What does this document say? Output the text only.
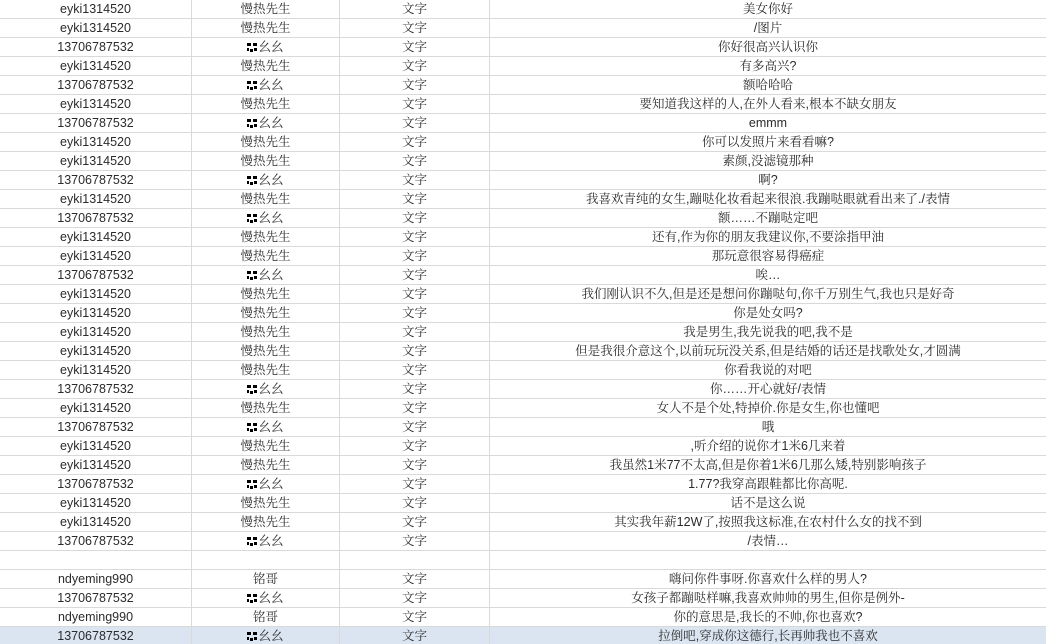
eyki1314520	慢热先生	文字	美女你好
eyki1314520	慢热先生	文字	/图片
13706787532	幺幺	文字	你好很高兴认识你
eyki1314520	慢热先生	文字	有多高兴?
13706787532	幺幺	文字	额哈哈哈
eyki1314520	慢热先生	文字	要知道我这样的人,在外人看来,根本不缺女朋友
13706787532	幺幺	文字	emmm
eyki1314520	慢热先生	文字	你可以发照片来看看嘛?
eyki1314520	慢热先生	文字	素颜,没滤镜那种
13706787532	幺幺	文字	啊?
eyki1314520	慢热先生	文字	我喜欢青纯的女生,蹦哒化妆看起来很浪.我蹦哒眼就看出来了./表情
13706787532	幺幺	文字	额……不蹦哒定吧
eyki1314520	慢热先生	文字	还有,作为你的朋友我建议你,不要涂指甲油
eyki1314520	慢热先生	文字	那玩意很容易得癌症
13706787532	幺幺	文字	唉…
eyki1314520	慢热先生	文字	我们刚认识不久,但是还是想问你蹦哒句,你千万别生气,我也只是好奇
eyki1314520	慢热先生	文字	你是处女吗?
eyki1314520	慢热先生	文字	我是男生,我先说我的吧,我不是
eyki1314520	慢热先生	文字	但是我很介意这个,以前玩玩没关系,但是结婚的话还是找歌处女,才圆满
eyki1314520	慢热先生	文字	你看我说的对吧
13706787532	幺幺	文字	你……开心就好/表情
eyki1314520	慢热先生	文字	女人不是个处,特掉价.你是女生,你也懂吧
13706787532	幺幺	文字	哦
eyki1314520	慢热先生	文字	,听介绍的说你才1米6几来着
eyki1314520	慢热先生	文字	我虽然1米77不太高,但是你着1米6几那么矮,特别影响孩子
13706787532	幺幺	文字	1.77?我穿高跟鞋都比你高呢.
eyki1314520	慢热先生	文字	话不是这么说
eyki1314520	慢热先生	文字	其实我年薪12W了,按照我这标准,在农村什么女的找不到
13706787532	幺幺	文字	/表情…
ndyeming990	铭哥	文字	嗨问你件事呀.你喜欢什么样的男人?
13706787532	幺幺	文字	女孩子都蹦哒样嘛,我喜欢帅帅的男生,但你是例外-
ndyeming990	铭哥	文字	你的意思是,我长的不帅,你也喜欢?
13706787532	幺幺	文字	拉倒吧,穿成你这德行,长再帅我也不喜欢
